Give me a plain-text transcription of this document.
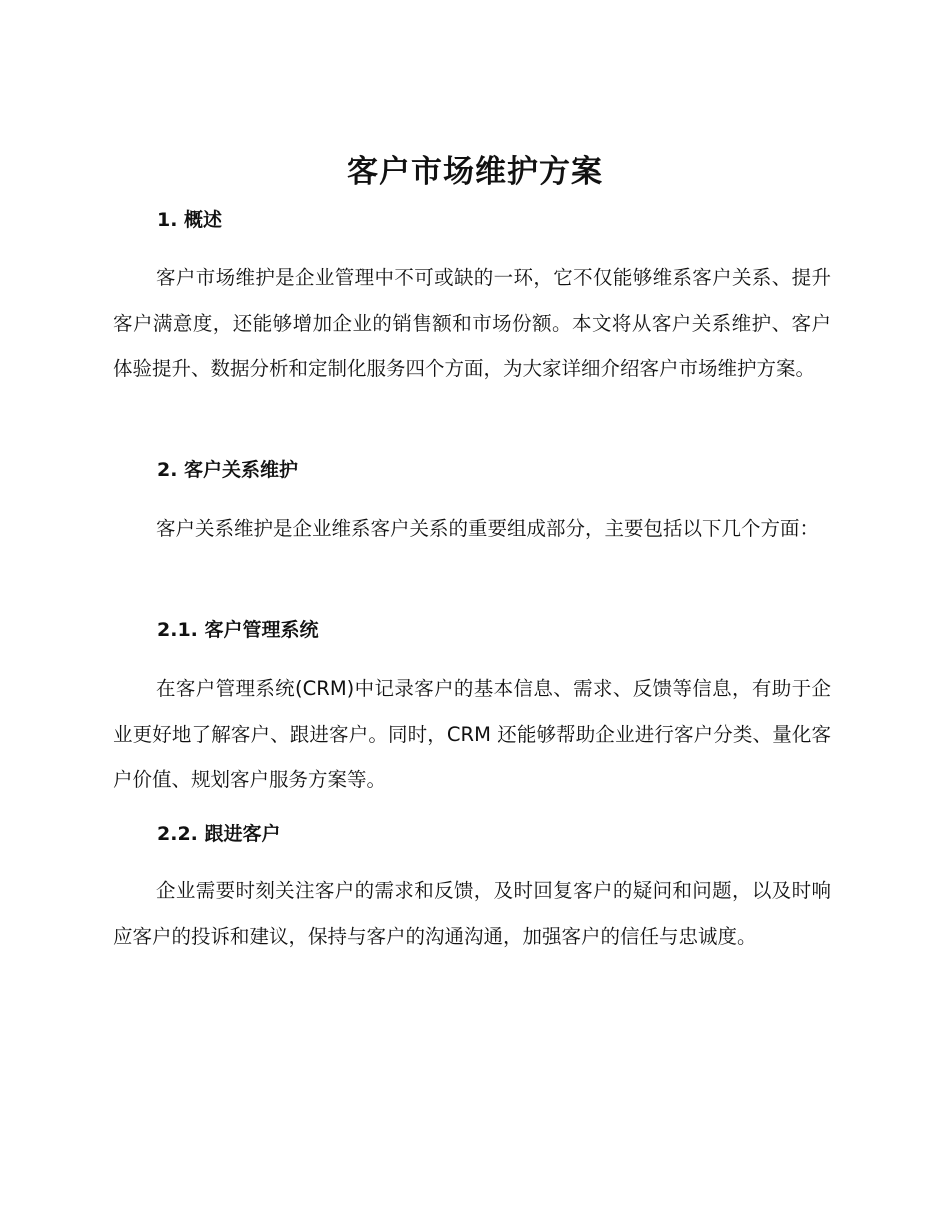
客户市场维护方案
1. 概述

客户市场维护是企业管理中不可或缺的一环，它不仅能够维系客户关系、提升客户满意度，还能够增加企业的销售额和市场份额。本文将从客户关系维护、客户体验提升、数据分析和定制化服务四个方面，为大家详细介绍客户市场维护方案。

2. 客户关系维护

客户关系维护是企业维系客户关系的重要组成部分，主要包括以下几个方面：

2.1. 客户管理系统

在客户管理系统(CRM)中记录客户的基本信息、需求、反馈等信息，有助于企业更好地了解客户、跟进客户。同时，CRM 还能够帮助企业进行客户分类、量化客户价值、规划客户服务方案等。

2.2. 跟进客户

企业需要时刻关注客户的需求和反馈，及时回复客户的疑问和问题，以及时响应客户的投诉和建议，保持与客户的沟通沟通，加强客户的信任与忠诚度。
